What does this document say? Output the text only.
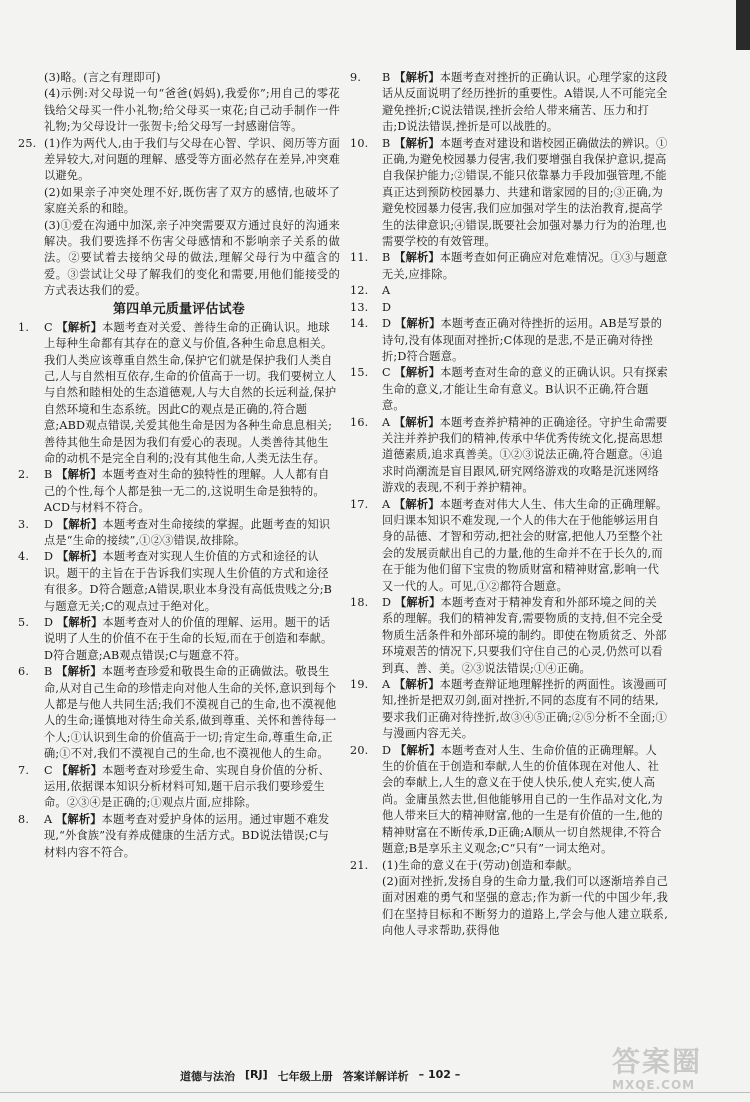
(3)略。(言之有理即可)

(4)示例:对父母说一句“爸爸(妈妈),我爱你”;用自己的零花钱给父母买一件小礼物;给父母买一束花;自己动手制作一件礼物;为父母设计一张贺卡;给父母写一封感谢信等。

25. (1)作为两代人,由于我们与父母在心智、学识、阅历等方面差异较大,对问题的理解、感受等方面必然存在差异,冲突难以避免。

(2)如果亲子冲突处理不好,既伤害了双方的感情,也破坏了家庭关系的和睦。

(3)①爱在沟通中加深,亲子冲突需要双方通过良好的沟通来解决。我们要选择不伤害父母感情和不影响亲子关系的做法。②要试着去接纳父母的做法,理解父母行为中蕴含的爱。③尝试让父母了解我们的变化和需要,用他们能接受的方式表达我们的爱。

第四单元质量评估试卷
1.	C 【解析】本题考查对关爱、善待生命的正确认识。地球上每种生命都有其存在的意义与价值,各种生命息息相关。我们人类应该尊重自然生命,保护它们就是保护我们人类自己,人与自然相互依存,生命的价值高于一切。我们要树立人与自然和睦相处的生态道德观,人与大自然的长远利益,保护自然环境和生态系统。因此C的观点是正确的,符合题意;ABD观点错误,关爱其他生命是因为各种生命息息相关;善待其他生命是因为我们有爱心的表现。人类善待其他生命的动机不是完全自利的;没有其他生命,人类无法生存。
2.	B 【解析】本题考查对生命的独特性的理解。人人都有自己的个性,每个人都是独一无二的,这说明生命是独特的。ACD与材料不符合。
3.	D 【解析】本题考查对生命接续的掌握。此题考查的知识点是“生命的接续”,①②③错误,故排除。
4.	D 【解析】本题考查对实现人生价值的方式和途径的认识。题干的主旨在于告诉我们实现人生价值的方式和途径有很多。D符合题意;A错误,职业本身没有高低贵贱之分;B与题意无关;C的观点过于绝对化。
5.	D 【解析】本题考查对人的价值的理解、运用。题干的话说明了人生的价值不在于生命的长短,而在于创造和奉献。D符合题意;AB观点错误;C与题意不符。
6.	B 【解析】本题考查珍爱和敬畏生命的正确做法。敬畏生命,从对自己生命的珍惜走向对他人生命的关怀,意识到每个人都是与他人共同生活;我们不漠视自己的生命,也不漠视他人的生命;谨慎地对待生命关系,做到尊重、关怀和善待每一个人;①认识到生命的价值高于一切;肯定生命,尊重生命,正确;①不对,我们不漠视自己的生命,也不漠视他人的生命。
7.	C 【解析】本题考查对珍爱生命、实现自身价值的分析、运用,依据课本知识分析材料可知,题干启示我们要珍爱生命。②③④是正确的;①观点片面,应排除。
8.	A 【解析】本题考查对爱护身体的运用。通过审题不难发现,“外食族”没有养成健康的生活方式。BD说法错误;C与材料内容不符合。
9.	B 【解析】本题考查对挫折的正确认识。心理学家的这段话从反面说明了经历挫折的重要性。A错误,人不可能完全避免挫折;C说法错误,挫折会给人带来痛苦、压力和打击;D说法错误,挫折是可以战胜的。
10.	B 【解析】本题考查对建设和谐校园正确做法的辨识。①正确,为避免校园暴力侵害,我们要增强自我保护意识,提高自我保护能力;②错误,不能只依靠暴力手段加强管理,不能真正达到预防校园暴力、共建和谐家园的目的;③正确,为避免校园暴力侵害,我们应加强对学生的法治教育,提高学生的法律意识;④错误,既要社会加强对暴力行为的治理,也需要学校的有效管理。
11.	B 【解析】本题考查如何正确应对危难情况。①③与题意无关,应排除。
12.	A
13.	D
14.	D 【解析】本题考查正确对待挫折的运用。AB是写景的诗句,没有体现面对挫折;C体现的是悲,不是正确对待挫折;D符合题意。
15.	C 【解析】本题考查对生命的意义的正确认识。只有探索生命的意义,才能让生命有意义。B认识不正确,符合题意。
16.	A 【解析】本题考查养护精神的正确途径。守护生命需要关注并养护我们的精神,传承中华优秀传统文化,提高思想道德素质,追求真善美。①②③说法正确,符合题意。④追求时尚潮流是盲目跟风,研究网络游戏的攻略是沉迷网络游戏的表现,不利于养护精神。
17.	A 【解析】本题考查对伟大人生、伟大生命的正确理解。回归课本知识不难发现,一个人的伟大在于他能够运用自身的品德、才智和劳动,把社会的财富,把他人乃至整个社会的发展贡献出自己的力量,他的生命并不在于长久的,而在于能为他们留下宝贵的物质财富和精神财富,影响一代又一代的人。可见,①②都符合题意。
18.	D 【解析】本题考查对于精神发育和外部环境之间的关系的理解。我们的精神发育,需要物质的支持,但不完全受物质生活条件和外部环境的制约。即使在物质贫乏、外部环境艰苦的情况下,只要我们守住自己的心灵,仍然可以看到真、善、美。②③说法错误;①④正确。
19.	A 【解析】本题考查辩证地理解挫折的两面性。该漫画可知,挫折是把双刃剑,面对挫折,不同的态度有不同的结果,要求我们正确对待挫折,故③④⑤正确;②⑤分析不全面;①与漫画内容无关。
20.	D 【解析】本题考查对人生、生命价值的正确理解。人生的价值在于创造和奉献,人生的价值体现在对他人、社会的奉献上,人生的意义在于使人快乐,使人充实,使人高尚。金庸虽然去世,但他能够用自己的一生作品对文化,为他人带来巨大的精神财富,他的一生是有价值的一生,他的精神财富在不断传承,D正确;A顺从一切自然规律,不符合题意;B是享乐主义观念;C“只有”一词太绝对。
21.	(1)生命的意义在于(劳动)创造和奉献。

(2)面对挫折,发扬自身的生命力量,我们可以逐渐培养自己面对困难的勇气和坚强的意志;作为新一代的中国少年,我们在坚持目标和不断努力的道路上,学会与他人建立联系,向他人寻求帮助,获得他

道德与法治 [RJ] 七年级上册 答案详解详析 – 102 –	答案圈
MXQE.COM
